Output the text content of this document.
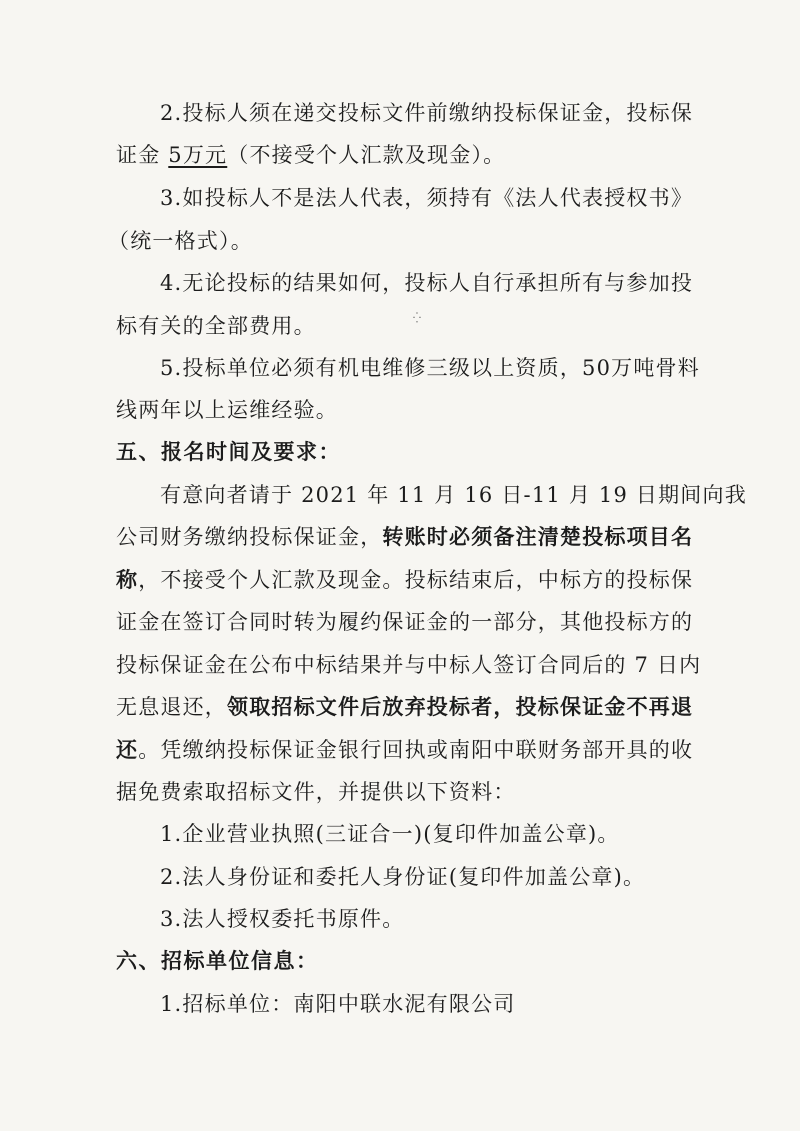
2.投标人须在递交投标文件前缴纳投标保证金，投标保
证金 5万元（不接受个人汇款及现金）。
3.如投标人不是法人代表，须持有《法人代表授权书》
（统一格式）。
4.无论投标的结果如何，投标人自行承担所有与参加投
标有关的全部费用。	⁛
5.投标单位必须有机电维修三级以上资质，50万吨骨料
线两年以上运维经验。
五、报名时间及要求：
有意向者请于 2021 年 11 月 16 日-11 月 19 日期间向我
公司财务缴纳投标保证金，转账时必须备注清楚投标项目名
称，不接受个人汇款及现金。投标结束后，中标方的投标保
证金在签订合同时转为履约保证金的一部分，其他投标方的
投标保证金在公布中标结果并与中标人签订合同后的 7 日内
无息退还，领取招标文件后放弃投标者，投标保证金不再退
还。凭缴纳投标保证金银行回执或南阳中联财务部开具的收
据免费索取招标文件，并提供以下资料：
1.企业营业执照(三证合一)(复印件加盖公章)。
2.法人身份证和委托人身份证(复印件加盖公章)。
3.法人授权委托书原件。
六、招标单位信息：
1.招标单位：南阳中联水泥有限公司
